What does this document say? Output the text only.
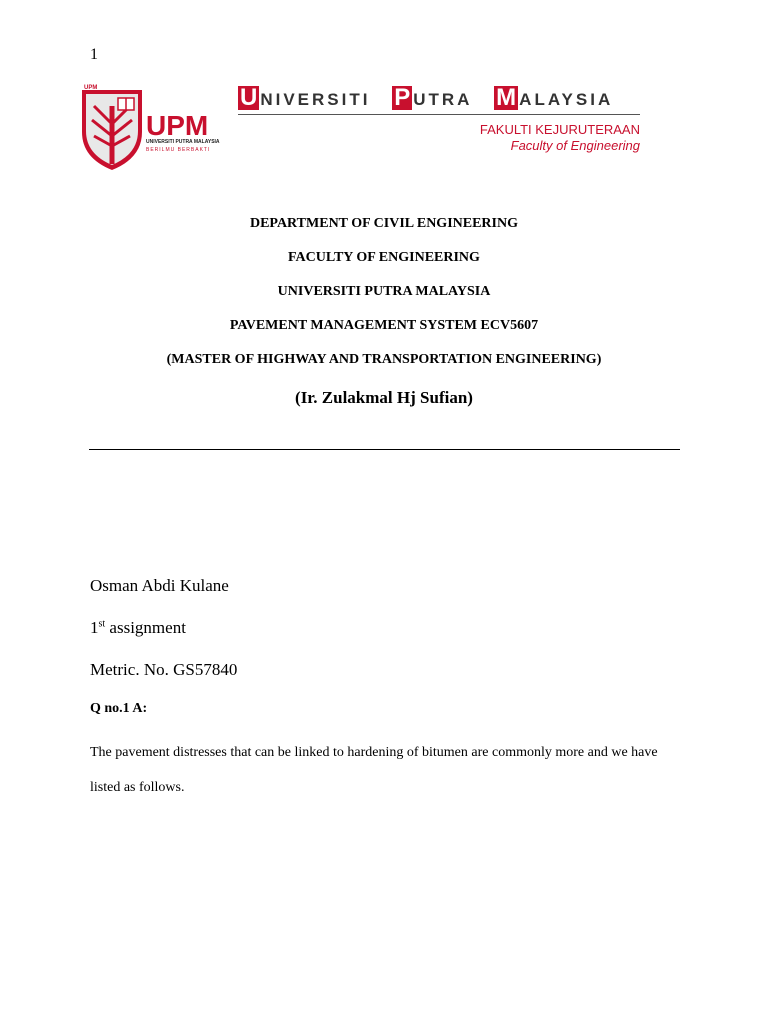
1
UPM
UPM
UNIVERSITI PUTRA MALAYSIA
BERILMU BERBAKTI
U NIVERSITI P UTRA M ALAYSIA
FAKULTI KEJURUTERAAN
Faculty of Engineering
DEPARTMENT OF CIVIL ENGINEERING
FACULTY OF ENGINEERING
UNIVERSITI PUTRA MALAYSIA
PAVEMENT MANAGEMENT SYSTEM ECV5607
(MASTER OF HIGHWAY AND TRANSPORTATION ENGINEERING)
(Ir. Zulakmal Hj Sufian)
Osman Abdi Kulane
1st assignment
Metric. No. GS57840
Q no.1 A:
The pavement distresses that can be linked to hardening of bitumen are commonly more and we have listed as follows.
